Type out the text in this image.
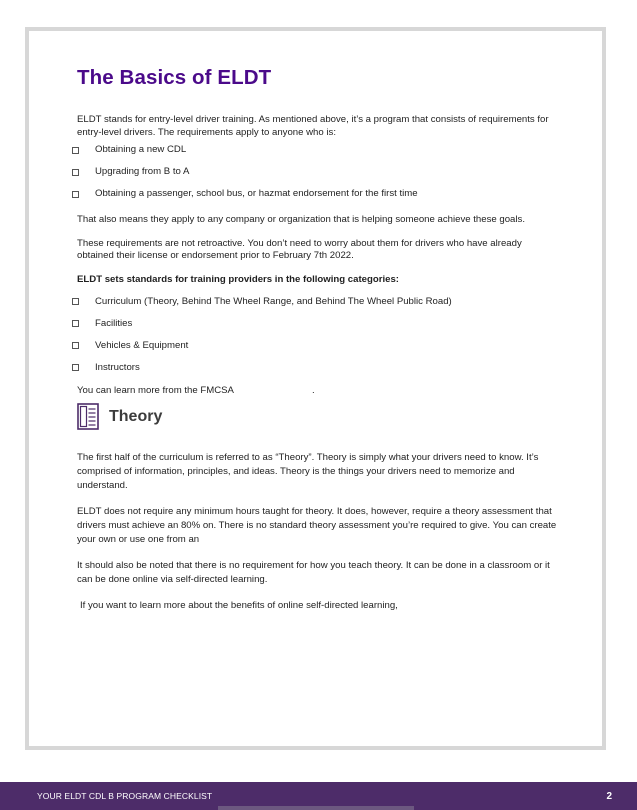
The Basics of ELDT

ELDT stands for entry-level driver training. As mentioned above, it’s a program that consists of requirements for entry-level drivers. The requirements apply to anyone who is:

Obtaining a new CDL
Upgrading from B to A
Obtaining a passenger, school bus, or hazmat endorsement for the first time

That also means they apply to any company or organization that is helping someone achieve these goals.

These requirements are not retroactive. You don’t need to worry about them for drivers who have already obtained their license or endorsement prior to February 7th 2022.

ELDT sets standards for training providers in the following categories:

Curriculum (Theory, Behind The Wheel Range, and Behind The Wheel Public Road)
Facilities
Vehicles & Equipment
Instructors

You can learn more from the FMCSA	.

Theory

The first half of the curriculum is referred to as “Theory”. Theory is simply what your drivers need to know. It’s comprised of information, principles, and ideas. Theory is the things your drivers need to memorize and understand.

ELDT does not require any minimum hours taught for theory. It does, however, require a theory assessment that drivers must achieve an 80% on. There is no standard theory assessment you’re required to give. You can create your own or use one from an

It should also be noted that there is no requirement for how you teach theory. It can be done in a classroom or it can be done online via self-directed learning.

If you want to learn more about the benefits of online self-directed learning,

YOUR ELDT CDL B PROGRAM CHECKLIST	2
